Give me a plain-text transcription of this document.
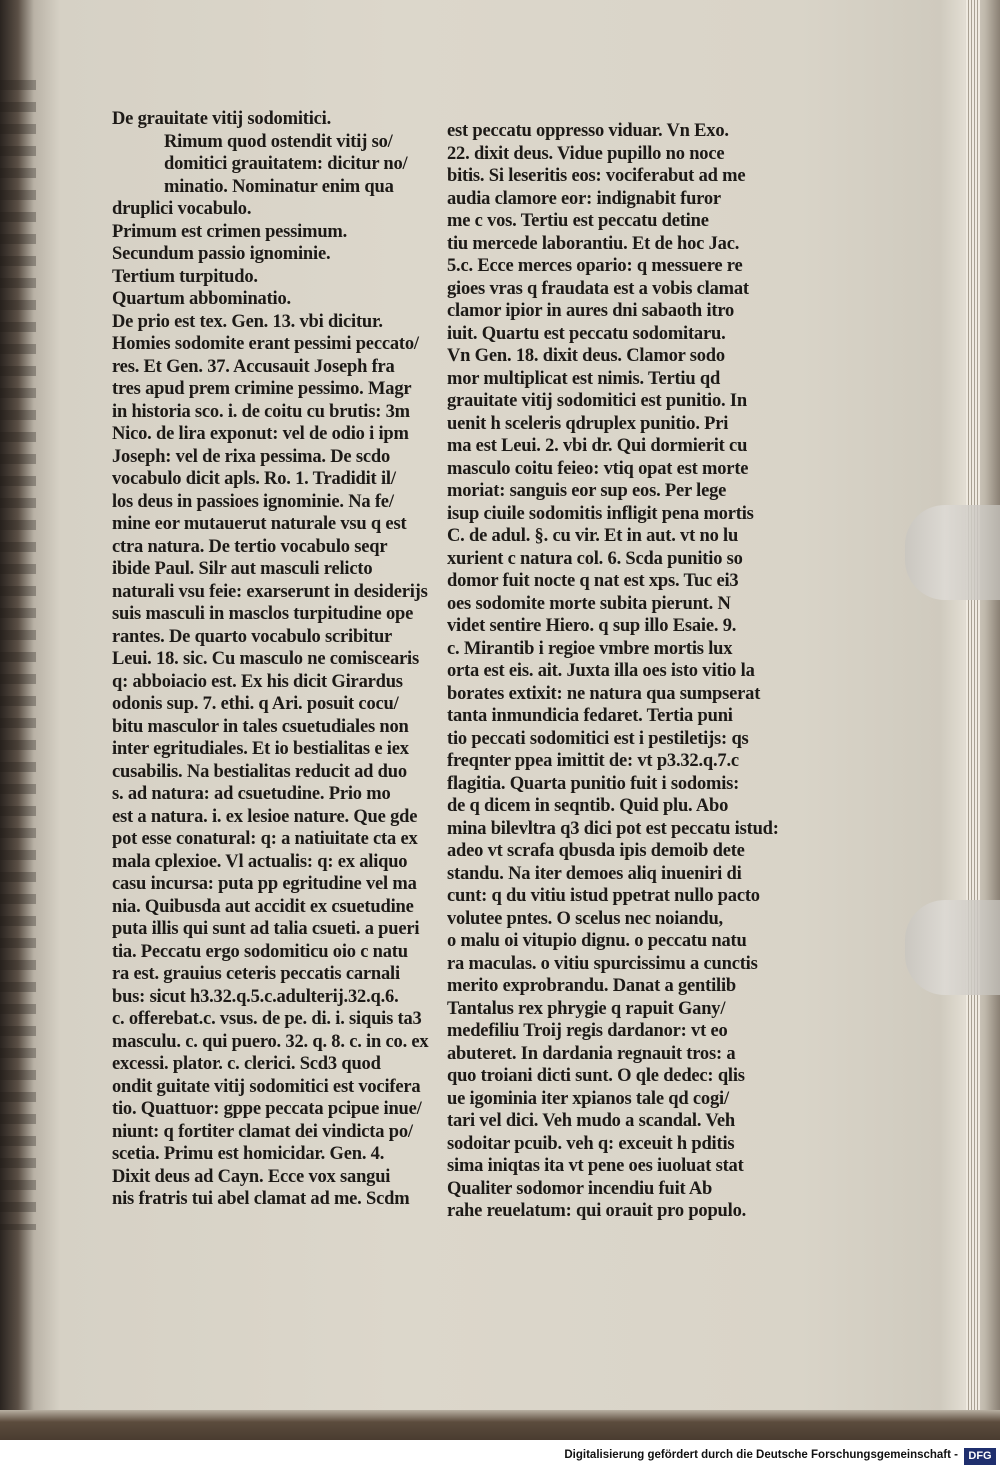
De grauitate vitij sodomitici.
Rimum quod ostendit vitij so/
domitici grauitatem: dicitur no/
minatio. Nominatur enim qua
druplici vocabulo.
Primum est crimen pessimum.
Secundum passio ignominie.
Tertium turpitudo.
Quartum abbominatio.
De prio est tex. Gen. 13. vbi dicitur.
Homies sodomite erant pessimi peccato/
res. Et Gen. 37. Accusauit Joseph fra
tres apud prem crimine pessimo. Magr
in historia sco. i. de coitu cu brutis: 3m
Nico. de lira exponut: vel de odio i ipm
Joseph: vel de rixa pessima. De scdo
vocabulo dicit apls. Ro. 1. Tradidit il/
los deus in passioes ignominie. Na fe/
mine eor mutauerut naturale vsu q est
ctra natura. De tertio vocabulo seqr
ibide Paul. Silr aut masculi relicto
naturali vsu feie: exarserunt in desiderijs
suis masculi in masclos turpitudine ope
rantes. De quarto vocabulo scribitur
Leui. 18. sic. Cu masculo ne comiscearis
q: abboiacio est. Ex his dicit Girardus
odonis sup. 7. ethi. q Ari. posuit cocu/
bitu masculor in tales csuetudiales non
inter egritudiales. Et io bestialitas e iex
cusabilis. Na bestialitas reducit ad duo
s. ad natura: ad csuetudine. Prio mo
est a natura. i. ex lesioe nature. Que gde
pot esse conatural: q: a natiuitate cta ex
mala cplexioe. Vl actualis: q: ex aliquo
casu incursa: puta pp egritudine vel ma
nia. Quibusda aut accidit ex csuetudine
puta illis qui sunt ad talia csueti. a pueri
tia. Peccatu ergo sodomiticu oio c natu
ra est. grauius ceteris peccatis carnali
bus: sicut h3.32.q.5.c.adulterij.32.q.6.
c. offerebat.c. vsus. de pe. di. i. siquis ta3
masculu. c. qui puero. 32. q. 8. c. in co. ex
excessi. plator. c. clerici. Scd3 quod
ondit guitate vitij sodomitici est vocifera
tio. Quattuor: gppe peccata pcipue inue/
niunt: q fortiter clamat dei vindicta po/
scetia. Primu est homicidar. Gen. 4.
Dixit deus ad Cayn. Ecce vox sangui
nis fratris tui abel clamat ad me. Scdm
est peccatu oppresso viduar. Vn Exo.
22. dixit deus. Vidue pupillo no noce
bitis. Si leseritis eos: vociferabut ad me
audia clamore eor: indignabit furor
me c vos. Tertiu est peccatu detine
tiu mercede laborantiu. Et de hoc Jac.
5.c. Ecce merces opario: q messuere re
gioes vras q fraudata est a vobis clamat
clamor ipior in aures dni sabaoth itro
iuit. Quartu est peccatu sodomitaru.
Vn Gen. 18. dixit deus. Clamor sodo
mor multiplicat est nimis. Tertiu qd
grauitate vitij sodomitici est punitio. In
uenit h sceleris qdruplex punitio. Pri
ma est Leui. 2. vbi dr. Qui dormierit cu
masculo coitu feieo: vtiq opat est morte
moriat: sanguis eor sup eos. Per lege
isup ciuile sodomitis infligit pena mortis
C. de adul. §. cu vir. Et in aut. vt no lu
xurient c natura col. 6. Scda punitio so
domor fuit nocte q nat est xps. Tuc ei3
oes sodomite morte subita pierunt. N
videt sentire Hiero. q sup illo Esaie. 9.
c. Mirantib i regioe vmbre mortis lux
orta est eis. ait. Juxta illa oes isto vitio la
borates extixit: ne natura qua sumpserat
tanta inmundicia fedaret. Tertia puni
tio peccati sodomitici est i pestiletijs: qs
freqnter ppea imittit de: vt p3.32.q.7.c
flagitia. Quarta punitio fuit i sodomis:
de q dicem in seqntib. Quid plu. Abo
mina bilevltra q3 dici pot est peccatu istud:
adeo vt scrafa qbusda ipis demoib dete
standu. Na iter demoes aliq inueniri di
cunt: q du vitiu istud ppetrat nullo pacto
volutee pntes. O scelus nec noiandu,
o malu oi vitupio dignu. o peccatu natu
ra maculas. o vitiu spurcissimu a cunctis
merito exprobrandu. Danat a gentilib
Tantalus rex phrygie q rapuit Gany/
medefiliu Troij regis dardanor: vt eo
abuteret. In dardania regnauit tros: a
quo troiani dicti sunt. O qle dedec: qlis
ue igominia iter xpianos tale qd cogi/
tari vel dici. Veh mudo a scandal. Veh
sodoitar pcuib. veh q: exceuit h pditis
sima iniqtas ita vt pene oes iuoluat stat
Qualiter sodomor incendiu fuit Ab
rahe reuelatum: qui orauit pro populo.
Digitalisierung gefördert durch die Deutsche Forschungsgemeinschaft - DFG
